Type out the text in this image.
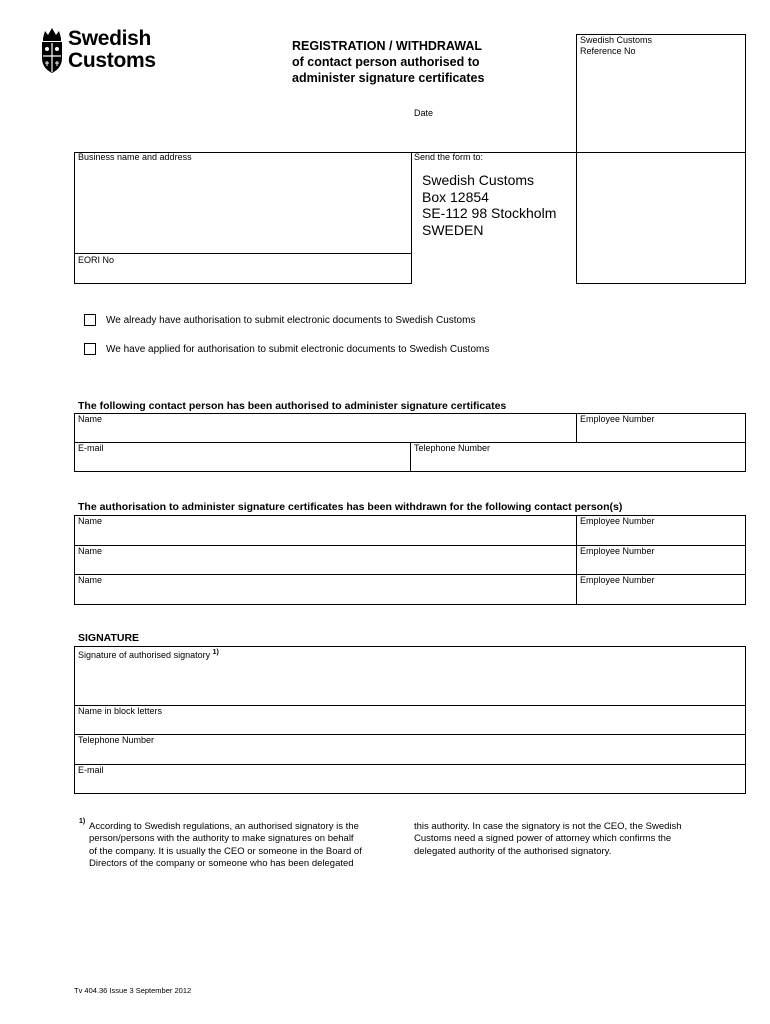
Swedish
Customs
REGISTRATION / WITHDRAWAL
of contact person authorised to
administer signature certificates
Swedish Customs
Reference No
Date
Business name and address
EORI No
Send the form to:
Swedish Customs
Box 12854
SE-112 98 Stockholm
SWEDEN
We already have authorisation to submit electronic documents to Swedish Customs
We have applied for authorisation to submit electronic documents to Swedish Customs
The following contact person has been authorised to administer signature certificates
Name	Employee Number
E-mail	Telephone Number
The authorisation to administer signature certificates has been withdrawn for the following contact person(s)
Name	Employee Number
Name	Employee Number
Name	Employee Number
SIGNATURE
Signature of authorised signatory $^{1)}$
Name in block letters
Telephone Number
E-mail
1) According to Swedish regulations, an authorised signatory is the
person/persons with the authority to make signatures on behalf
of the company. It is usually the CEO or someone in the Board of
Directors of the company or someone who has been delegated
this authority. In case the signatory is not the CEO, the Swedish
Customs need a signed power of attorney which confirms the
delegated authority of the authorised signatory.
Tv 404.36 Issue 3 September 2012
